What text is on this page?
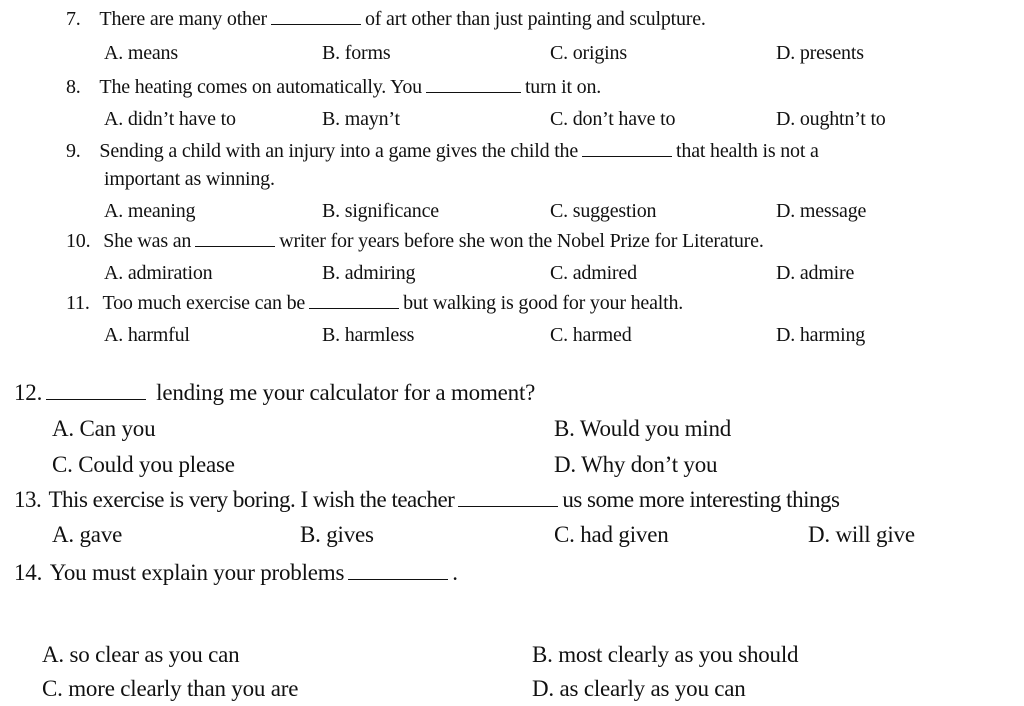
7. There are many other	of art other than just painting and sculpture.
A. means	B. forms	C. origins	D. presents
8. The heating comes on automatically. You	turn it on.
A. didn’t have to	B. mayn’t	C. don’t have to	D. oughtn’t to
9. Sending a child with an injury into a game gives the child the	that health is not a
important as winning.
A. meaning	B. significance	C. suggestion	D. message
10. She was an	writer for years before she won the Nobel Prize for Literature.
A. admiration	B. admiring	C. admired	D. admire
11. Too much exercise can be	but walking is good for your health.
A. harmful	B. harmless	C. harmed	D. harming
12.	lending me your calculator for a moment?
A. Can you	B. Would you mind
C. Could you please	D. Why don’t you
13. This exercise is very boring. I wish the teacher	us some more interesting things
A. gave	B. gives	C. had given	D. will give
14. You must explain your problems	.
A. so clear as you can	B. most clearly as you should
C. more clearly than you are	D. as clearly as you can
